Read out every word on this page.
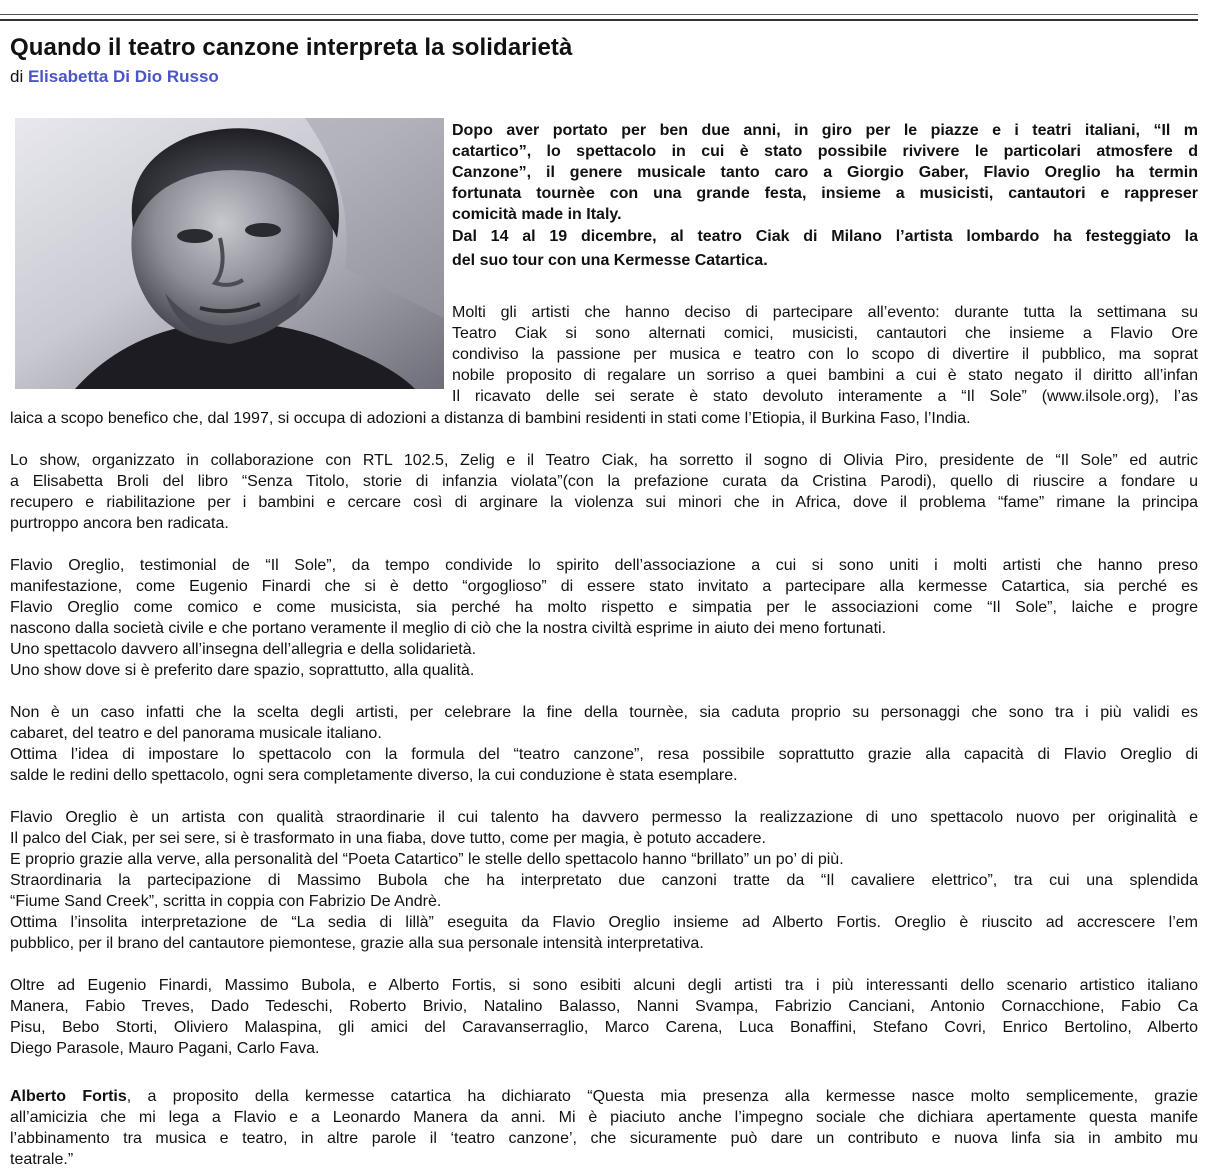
Quando il teatro canzone interpreta la solidarietà
di Elisabetta Di Dio Russo
Dopo aver portato per ben due anni, in giro per le piazze e i teatri italiani, “Il m
catartico”, lo spettacolo in cui è stato possibile rivivere le particolari atmosfere d
Canzone”, il genere musicale tanto caro a Giorgio Gaber, Flavio Oreglio ha termin
fortunata tournèe con una grande festa, insieme a musicisti, cantautori e rappreser
comicità made in Italy.
Dal 14 al 19 dicembre, al teatro Ciak di Milano l’artista lombardo ha festeggiato la
del suo tour con una Kermesse Catartica.
Molti gli artisti che hanno deciso di partecipare all’evento: durante tutta la settimana su
Teatro Ciak si sono alternati comici, musicisti, cantautori che insieme a Flavio Ore
condiviso la passione per musica e teatro con lo scopo di divertire il pubblico, ma soprat
nobile proposito di regalare un sorriso a quei bambini a cui è stato negato il diritto all’infan
Il ricavato delle sei serate è stato devoluto interamente a “Il Sole” (www.ilsole.org), l’as
laica a scopo benefico che, dal 1997, si occupa di adozioni a distanza di bambini residenti in stati come l’Etiopia, il Burkina Faso, l’India.
Lo show, organizzato in collaborazione con RTL 102.5, Zelig e il Teatro Ciak, ha sorretto il sogno di Olivia Piro, presidente de “Il Sole” ed autric
a Elisabetta Broli del libro “Senza Titolo, storie di infanzia violata”(con la prefazione curata da Cristina Parodi), quello di riuscire a fondare u
recupero e riabilitazione per i bambini e cercare così di arginare la violenza sui minori che in Africa, dove il problema “fame” rimane la principa
purtroppo ancora ben radicata.
Flavio Oreglio, testimonial de “Il Sole”, da tempo condivide lo spirito dell’associazione a cui si sono uniti i molti artisti che hanno preso
manifestazione, come Eugenio Finardi che si è detto “orgoglioso” di essere stato invitato a partecipare alla kermesse Catartica, sia perché es
Flavio Oreglio come comico e come musicista, sia perché ha molto rispetto e simpatia per le associazioni come “Il Sole”, laiche e progre
nascono dalla società civile e che portano veramente il meglio di ciò che la nostra civiltà esprime in aiuto dei meno fortunati.
Uno spettacolo davvero all’insegna dell’allegria e della solidarietà.
Uno show dove si è preferito dare spazio, soprattutto, alla qualità.
Non è un caso infatti che la scelta degli artisti, per celebrare la fine della tournèe, sia caduta proprio su personaggi che sono tra i più validi es
cabaret, del teatro e del panorama musicale italiano.
Ottima l’idea di impostare lo spettacolo con la formula del “teatro canzone”, resa possibile soprattutto grazie alla capacità di Flavio Oreglio di
salde le redini dello spettacolo, ogni sera completamente diverso, la cui conduzione è stata esemplare.
Flavio Oreglio è un artista con qualità straordinarie il cui talento ha davvero permesso la realizzazione di uno spettacolo nuovo per originalità e
Il palco del Ciak, per sei sere, si è trasformato in una fiaba, dove tutto, come per magia, è potuto accadere.
E proprio grazie alla verve, alla personalità del “Poeta Catartico” le stelle dello spettacolo hanno “brillato” un po’ di più.
Straordinaria la partecipazione di Massimo Bubola che ha interpretato due canzoni tratte da “Il cavaliere elettrico”, tra cui una splendida
“Fiume Sand Creek”, scritta in coppia con Fabrizio De Andrè.
Ottima l’insolita interpretazione de “La sedia di lillà” eseguita da Flavio Oreglio insieme ad Alberto Fortis. Oreglio è riuscito ad accrescere l’em
pubblico, per il brano del cantautore piemontese, grazie alla sua personale intensità interpretativa.
Oltre ad Eugenio Finardi, Massimo Bubola, e Alberto Fortis, si sono esibiti alcuni degli artisti tra i più interessanti dello scenario artistico italiano
Manera, Fabio Treves, Dado Tedeschi, Roberto Brivio, Natalino Balasso, Nanni Svampa, Fabrizio Canciani, Antonio Cornacchione, Fabio Ca
Pisu, Bebo Storti, Oliviero Malaspina, gli amici del Caravanserraglio, Marco Carena, Luca Bonaffini, Stefano Covri, Enrico Bertolino, Alberto
Diego Parasole, Mauro Pagani, Carlo Fava.
Alberto Fortis, a proposito della kermesse catartica ha dichiarato “Questa mia presenza alla kermesse nasce molto semplicemente, grazie
all’amicizia che mi lega a Flavio e a Leonardo Manera da anni. Mi è piaciuto anche l’impegno sociale che dichiara apertamente questa manife
l’abbinamento tra musica e teatro, in altre parole il ‘teatro canzone’, che sicuramente può dare un contributo e nuova linfa sia in ambito mu
teatrale.”
